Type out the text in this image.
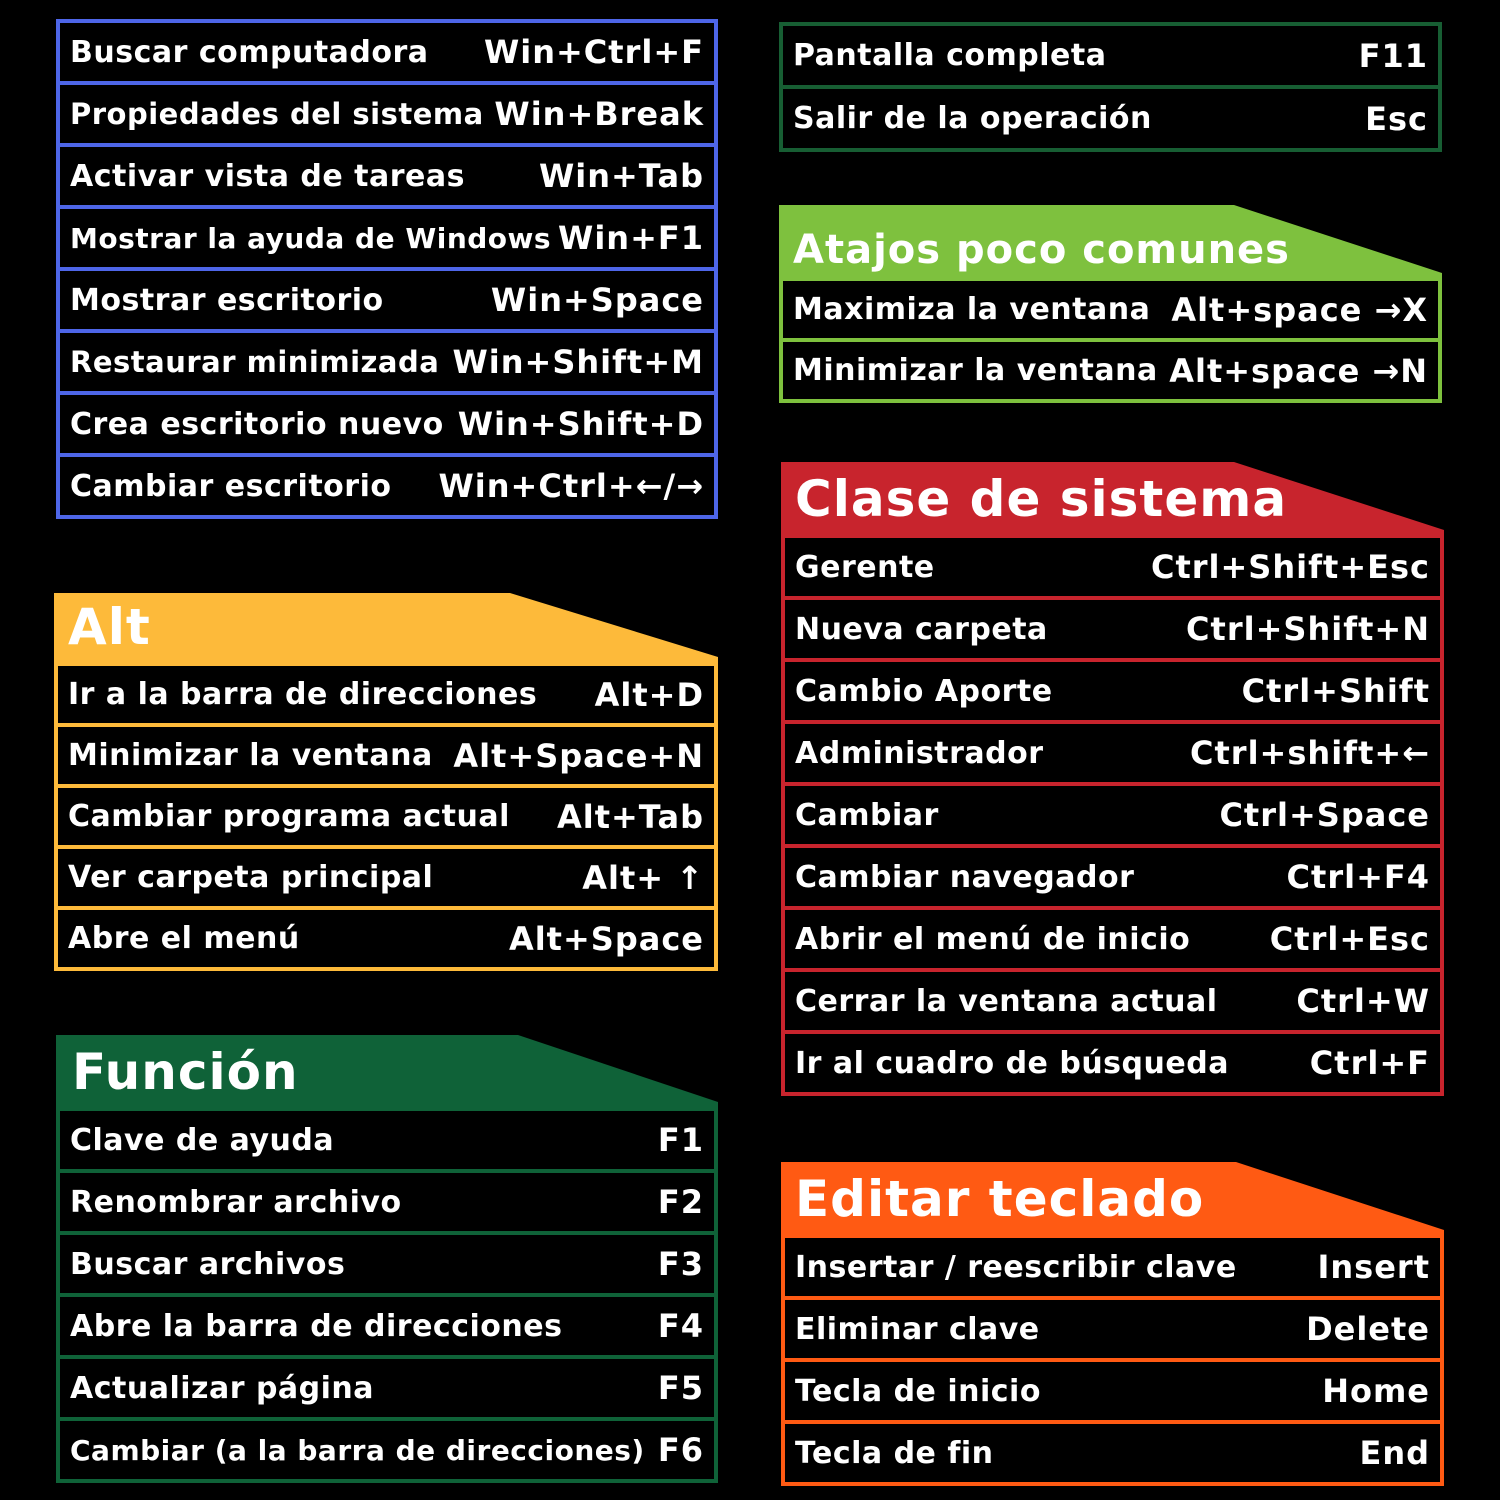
Buscar computadora Win+Ctrl+F
Propiedades del sistema Win+Break
Activar vista de tareas Win+Tab
Mostrar la ayuda de Windows Win+F1
Mostrar escritorio	Win+Space
Restaurar minimizada Win+Shift+M
Crea escritorio nuevo Win+Shift+D
Cambiar escritorio Win+Ctrl+←/→
Pantalla completa	F11
Salir de la operación	Esc
Atajos poco comunes
Maximiza la ventana Alt+space →X
Minimizar la ventana Alt+space →N
Clase de sistema
Gerente	Ctrl+Shift+Esc
Nueva carpeta	Ctrl+Shift+N
Cambio Aporte	Ctrl+Shift
Administrador	Ctrl+shift+←
Cambiar	Ctrl+Space
Cambiar navegador	Ctrl+F4
Abrir el menú de inicio Ctrl+Esc
Cerrar la ventana actual Ctrl+W
Ir al cuadro de búsqueda	Ctrl+F
Alt
Ir a la barra de direcciones Alt+D
Minimizar la ventana Alt+Space+N
Cambiar programa actual Alt+Tab
Ver carpeta principal	Alt+ ↑
Abre el menú	Alt+Space
Función
Clave de ayuda	F1
Renombrar archivo	F2
Buscar archivos	F3
Abre la barra de direcciones	F4
Actualizar página	F5
Cambiar (a la barra de direcciones) F6
Editar teclado
Insertar / reescribir clave	Insert
Eliminar clave	Delete
Tecla de inicio	Home
Tecla de fin	End
